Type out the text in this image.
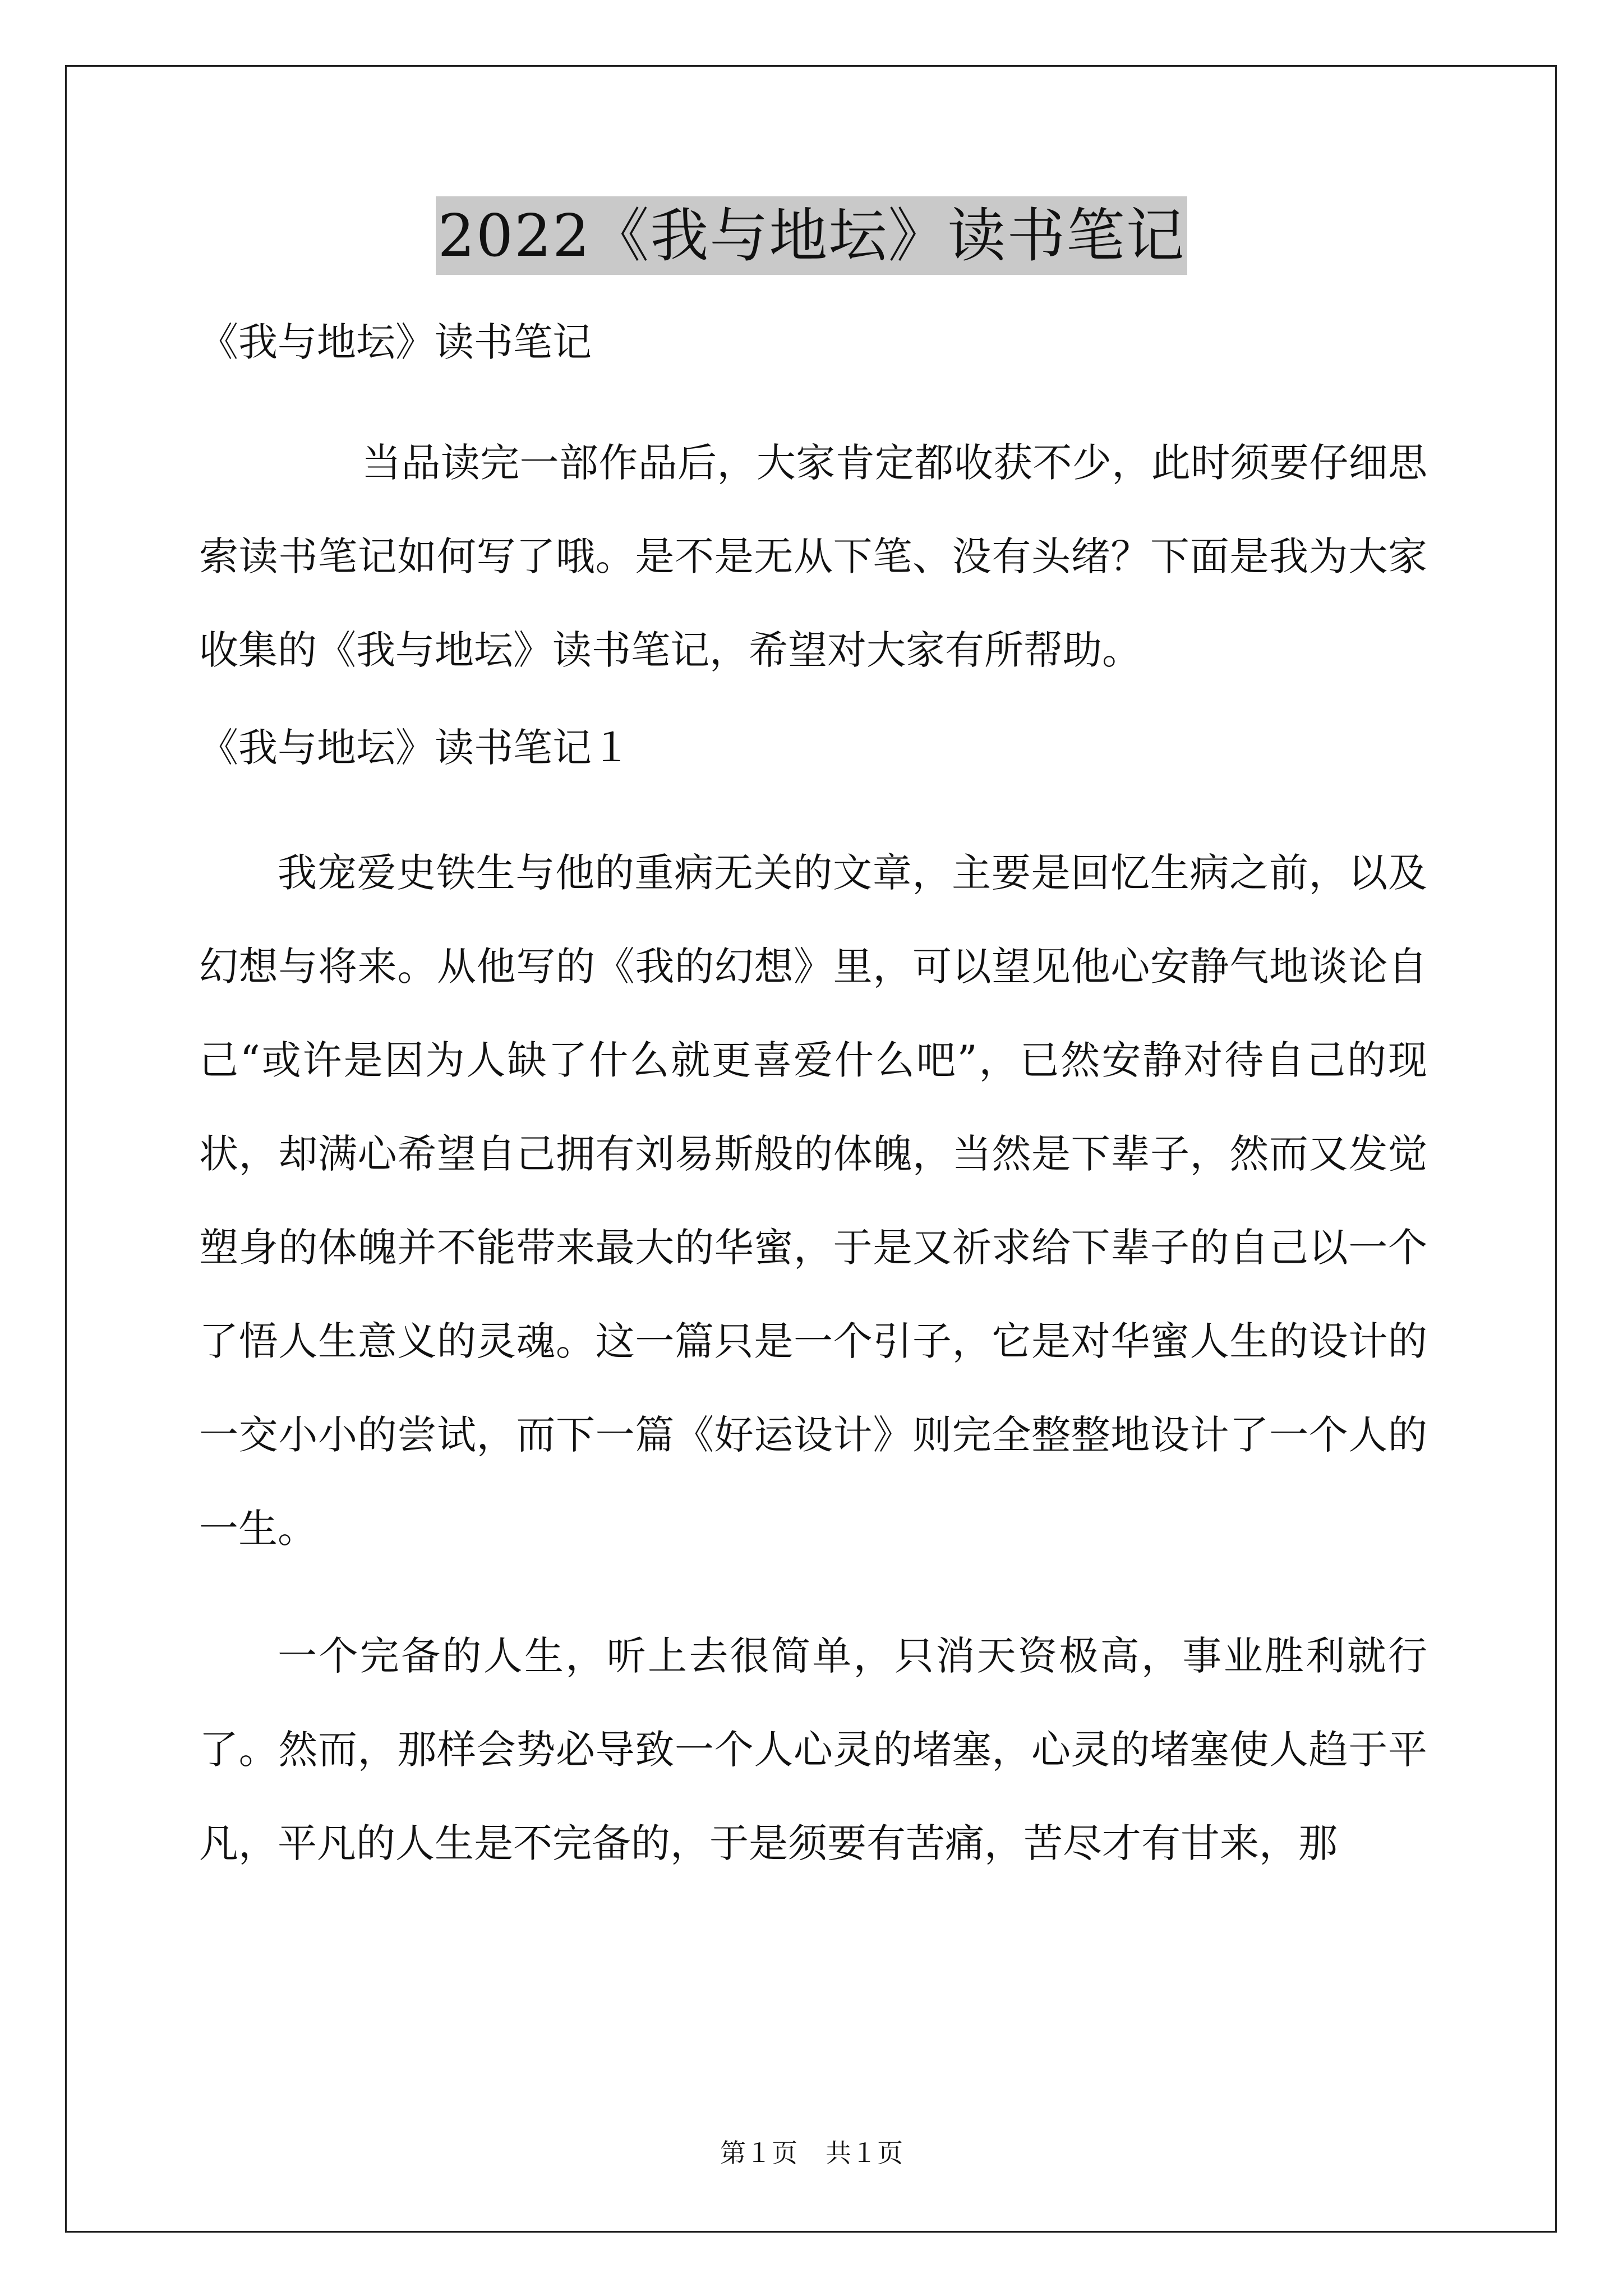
2022《我与地坛》读书笔记

《我与地坛》读书笔记

当品读完一部作品后，大家肯定都收获不少，此时须要仔细思索读书笔记如何写了哦。是不是无从下笔、没有头绪？下面是我为大家收集的《我与地坛》读书笔记，希望对大家有所帮助。

《我与地坛》读书笔记１

我宠爱史铁生与他的重病无关的文章，主要是回忆生病之前，以及幻想与将来。从他写的《我的幻想》里，可以望见他心安静气地谈论自己“或许是因为人缺了什么就更喜爱什么吧”，已然安静对待自己的现状，却满心希望自己拥有刘易斯般的体魄，当然是下辈子，然而又发觉塑身的体魄并不能带来最大的华蜜，于是又祈求给下辈子的自己以一个了悟人生意义的灵魂。这一篇只是一个引子，它是对华蜜人生的设计的一交小小的尝试，而下一篇《好运设计》则完全整整地设计了一个人的一生。

一个完备的人生，听上去很简单，只消天资极高，事业胜利就行了。然而，那样会势必导致一个人心灵的堵塞，心灵的堵塞使人趋于平凡，平凡的人生是不完备的，于是须要有苦痛，苦尽才有甘来，那

第１页 共１页
